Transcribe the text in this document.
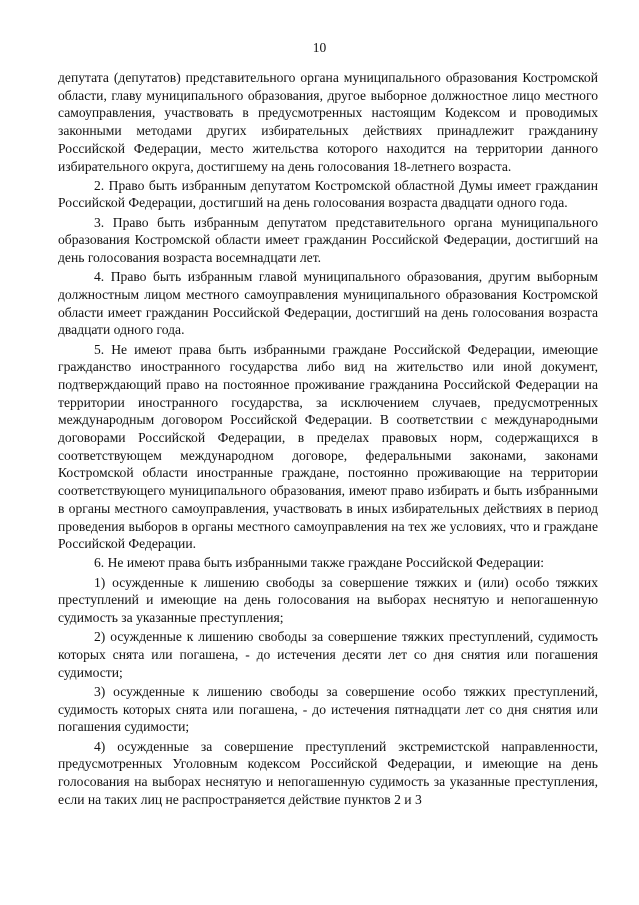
10

депутата (депутатов) представительного органа муниципального образования Костромской области, главу муниципального образования, другое выборное должностное лицо местного самоуправления, участвовать в предусмотренных настоящим Кодексом и проводимых законными методами других избирательных действиях принадлежит гражданину Российской Федерации, место жительства которого находится на территории данного избирательного округа, достигшему на день голосования 18-летнего возраста.

2. Право быть избранным депутатом Костромской областной Думы имеет гражданин Российской Федерации, достигший на день голосования возраста двадцати одного года.

3. Право быть избранным депутатом представительного органа муниципального образования Костромской области имеет гражданин Российской Федерации, достигший на день голосования возраста восемнадцати лет.

4. Право быть избранным главой муниципального образования, другим выборным должностным лицом местного самоуправления муниципального образования Костромской области имеет гражданин Российской Федерации, достигший на день голосования возраста двадцати одного года.

5. Не имеют права быть избранными граждане Российской Федерации, имеющие гражданство иностранного государства либо вид на жительство или иной документ, подтверждающий право на постоянное проживание гражданина Российской Федерации на территории иностранного государства, за исключением случаев, предусмотренных международным договором Российской Федерации. В соответствии с международными договорами Российской Федерации, в пределах правовых норм, содержащихся в соответствующем международном договоре, федеральными законами, законами Костромской области иностранные граждане, постоянно проживающие на территории соответствующего муниципального образования, имеют право избирать и быть избранными в органы местного самоуправления, участвовать в иных избирательных действиях в период проведения выборов в органы местного самоуправления на тех же условиях, что и граждане Российской Федерации.

6. Не имеют права быть избранными также граждане Российской Федерации:

1) осужденные к лишению свободы за совершение тяжких и (или) особо тяжких преступлений и имеющие на день голосования на выборах неснятую и непогашенную судимость за указанные преступления;

2) осужденные к лишению свободы за совершение тяжких преступлений, судимость которых снята или погашена, - до истечения десяти лет со дня снятия или погашения судимости;

3) осужденные к лишению свободы за совершение особо тяжких преступлений, судимость которых снята или погашена, - до истечения пятнадцати лет со дня снятия или погашения судимости;

4) осужденные за совершение преступлений экстремистской направленности, предусмотренных Уголовным кодексом Российской Федерации, и имеющие на день голосования на выборах неснятую и непогашенную судимость за указанные преступления, если на таких лиц не распространяется действие пунктов 2 и 3
